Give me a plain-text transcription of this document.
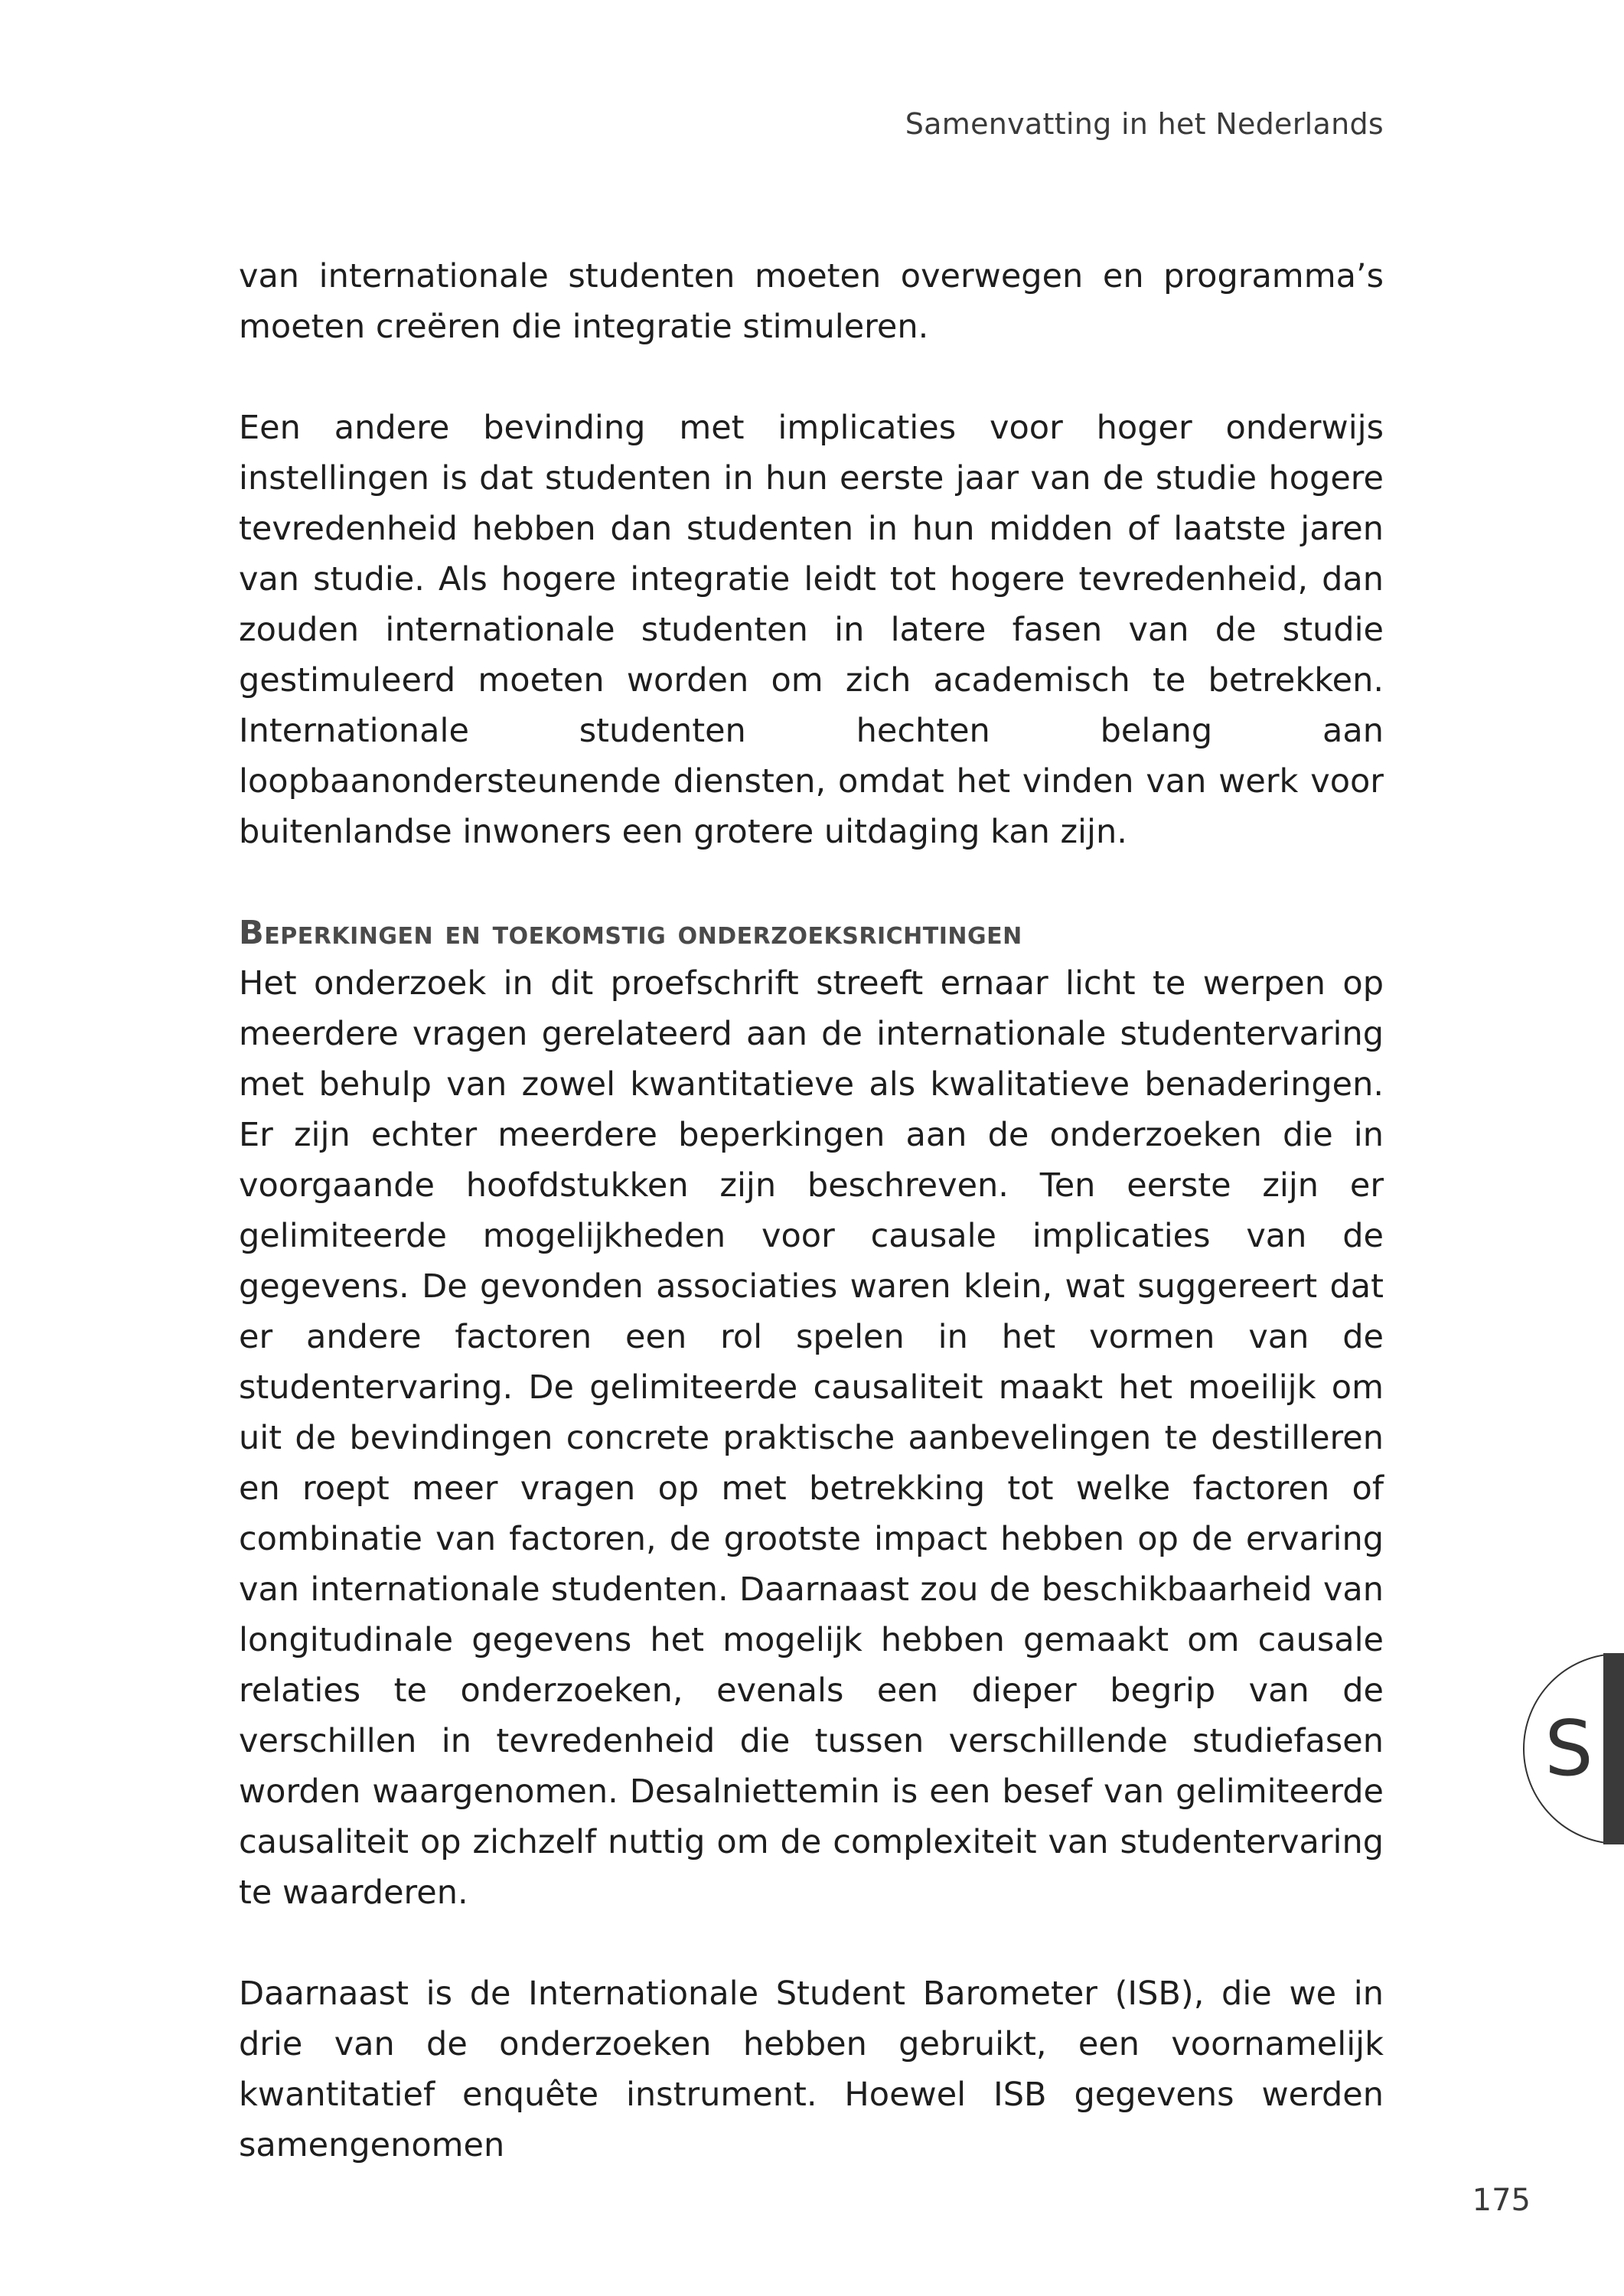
Samenvatting in het Nederlands

van internationale studenten moeten overwegen en programma’s moeten creëren die integratie stimuleren.

Een andere bevinding met implicaties voor hoger onderwijs instellingen is dat studenten in hun eerste jaar van de studie hogere tevredenheid hebben dan studenten in hun midden of laatste jaren van studie. Als hogere integratie leidt tot hogere tevredenheid, dan zouden internationale studenten in latere fasen van de studie gestimuleerd moeten worden om zich academisch te betrekken. Internationale studenten hechten belang aan loopbaanondersteunende diensten, omdat het vinden van werk voor buitenlandse inwoners een grotere uitdaging kan zijn.

Beperkingen en toekomstig onderzoeksrichtingen

Het onderzoek in dit proefschrift streeft ernaar licht te werpen op meerdere vragen gerelateerd aan de internationale studentervaring met behulp van zowel kwantitatieve als kwalitatieve benaderingen. Er zijn echter meerdere beperkingen aan de onderzoeken die in voorgaande hoofdstukken zijn beschreven. Ten eerste zijn er gelimiteerde mogelijkheden voor causale implicaties van de gegevens. De gevonden associaties waren klein, wat suggereert dat er andere factoren een rol spelen in het vormen van de studentervaring. De gelimiteerde causaliteit maakt het moeilijk om uit de bevindingen concrete praktische aanbevelingen te destilleren en roept meer vragen op met betrekking tot welke factoren of combinatie van factoren, de grootste impact hebben op de ervaring van internationale studenten. Daarnaast zou de beschikbaarheid van longitudinale gegevens het mogelijk hebben gemaakt om causale relaties te onderzoeken, evenals een dieper begrip van de verschillen in tevredenheid die tussen verschillende studiefasen worden waargenomen. Desalniettemin is een besef van gelimiteerde causaliteit op zichzelf nuttig om de complexiteit van studentervaring te waarderen.

Daarnaast is de Internationale Student Barometer (ISB), die we in drie van de onderzoeken hebben gebruikt, een voornamelijk kwantitatief enquête instrument. Hoewel ISB gegevens werden samengenomen

S
175
